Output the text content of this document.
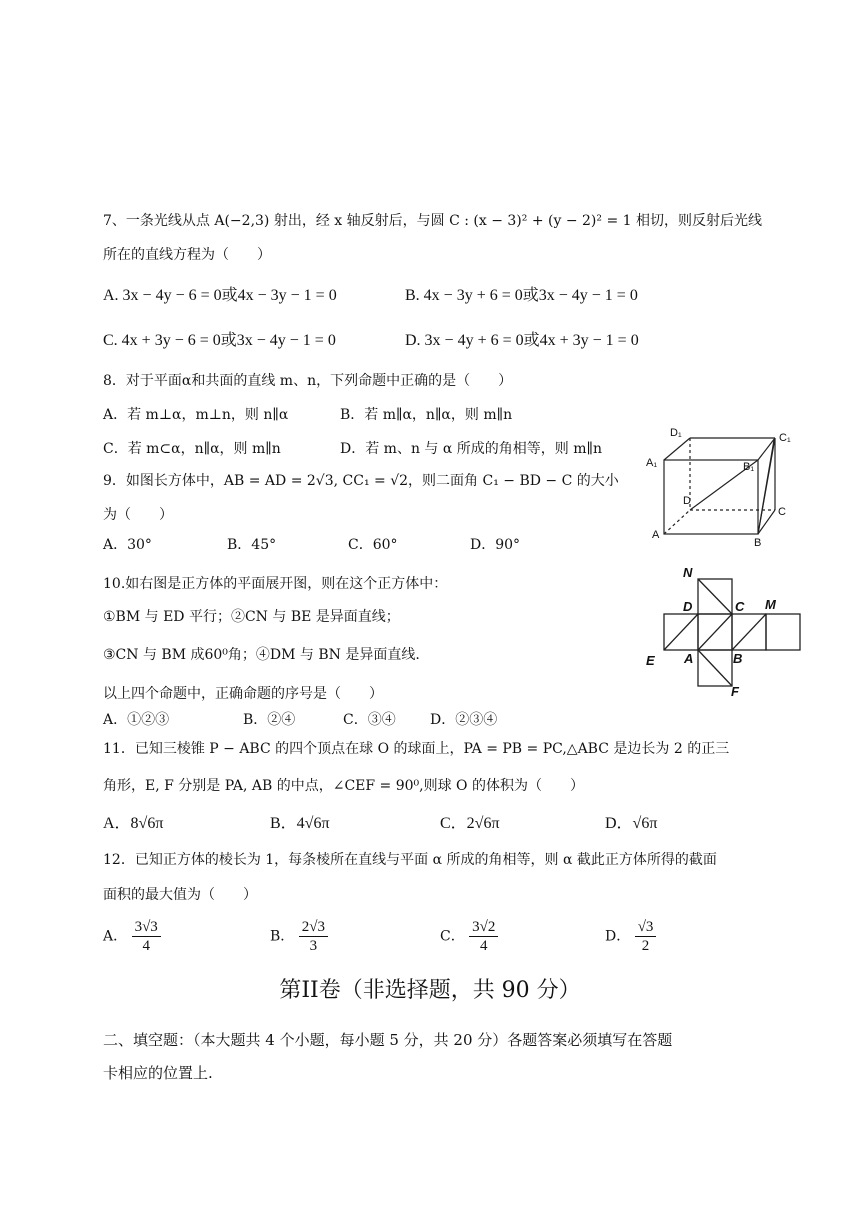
7、一条光线从点 A(−2,3) 射出，经 x 轴反射后，与圆 C : (x − 3)² + (y − 2)² = 1 相切，则反射后光线
所在的直线方程为（　　）
A. 3x − 4y − 6 = 0或4x − 3y − 1 = 0	B. 4x − 3y + 6 = 0或3x − 4y − 1 = 0
C. 4x + 3y − 6 = 0或3x − 4y − 1 = 0	D. 3x − 4y + 6 = 0或4x + 3y − 1 = 0
8．对于平面α和共面的直线 m、n，下列命题中正确的是（　　）
A．若 m⊥α，m⊥n，则 n∥α	B．若 m∥α，n∥α，则 m∥n
C．若 m⊂α，n∥α，则 m∥n	D．若 m、n 与 α 所成的角相等，则 m∥n
9．如图长方体中，AB = AD = 2√3, CC₁ = √2，则二面角 C₁ − BD − C 的大小
为（　　）
A．30°	B．45°	C．60°	D．90°
D₁	C₁
A₁	B₁
D
C
A
B
10.如右图是正方体的平面展开图，则在这个正方体中：
①BM 与 ED 平行；②CN 与 BE 是异面直线；
③CN 与 BM 成60⁰角；④DM 与 BN 是异面直线.
以上四个命题中，正确命题的序号是（　　）
A．①②③	B．②④	C．③④ D．②③④
N
D	C M
E A	B
F
11．已知三棱锥 P − ABC 的四个顶点在球 O 的球面上，PA = PB = PC,△ABC 是边长为 2 的正三
角形，E, F 分别是 PA, AB 的中点，∠CEF = 90⁰,则球 O 的体积为（　　）
A．8√6π	B．4√6π	C．2√6π	D．√6π
12．已知正方体的棱长为 1，每条棱所在直线与平面 α 所成的角相等，则 α 截此正方体所得的截面
面积的最大值为（　　）
A． $\frac{3√3}{4}$	B． $\frac{2√3}{3}$	C． $\frac{3√2}{4}$	D． $\frac{√3}{2}$
第II卷（非选择题，共 90 分）
二、填空题：（本大题共 4 个小题，每小题 5 分，共 20 分）各题答案必须填写在答题
卡相应的位置上.
